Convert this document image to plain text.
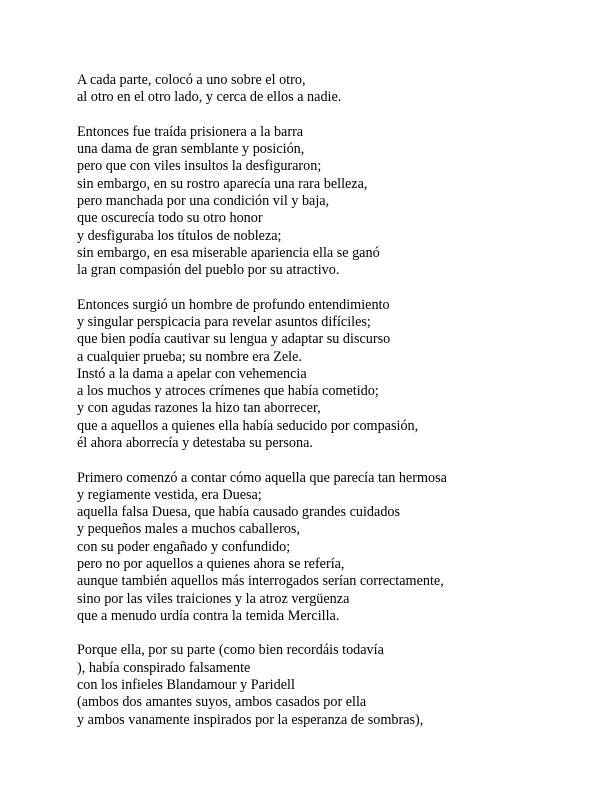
A cada parte, colocó a uno sobre el otro,
al otro en el otro lado, y cerca de ellos a nadie.
Entonces fue traída prisionera a la barra
una dama de gran semblante y posición,
pero que con viles insultos la desfiguraron;
sin embargo, en su rostro aparecía una rara belleza,
pero manchada por una condición vil y baja,
que oscurecía todo su otro honor
y desfiguraba los títulos de nobleza;
sin embargo, en esa miserable apariencia ella se ganó
la gran compasión del pueblo por su atractivo.
Entonces surgió un hombre de profundo entendimiento
y singular perspicacia para revelar asuntos difíciles;
que bien podía cautivar su lengua y adaptar su discurso
a cualquier prueba; su nombre era Zele.
Instó a la dama a apelar con vehemencia
a los muchos y atroces crímenes que había cometido;
y con agudas razones la hizo tan aborrecer,
que a aquellos a quienes ella había seducido por compasión,
él ahora aborrecía y detestaba su persona.
Primero comenzó a contar cómo aquella que parecía tan hermosa
y regiamente vestida, era Duesa;
aquella falsa Duesa, que había causado grandes cuidados
y pequeños males a muchos caballeros,
con su poder engañado y confundido;
pero no por aquellos a quienes ahora se refería,
aunque también aquellos más interrogados serían correctamente,
sino por las viles traiciones y la atroz vergüenza
que a menudo urdía contra la temida Mercilla.
Porque ella, por su parte (como bien recordáis todavía
), había conspirado falsamente
con los infieles Blandamour y Paridell
(ambos dos amantes suyos, ambos casados por ella
y ambos vanamente inspirados por la esperanza de sombras),
